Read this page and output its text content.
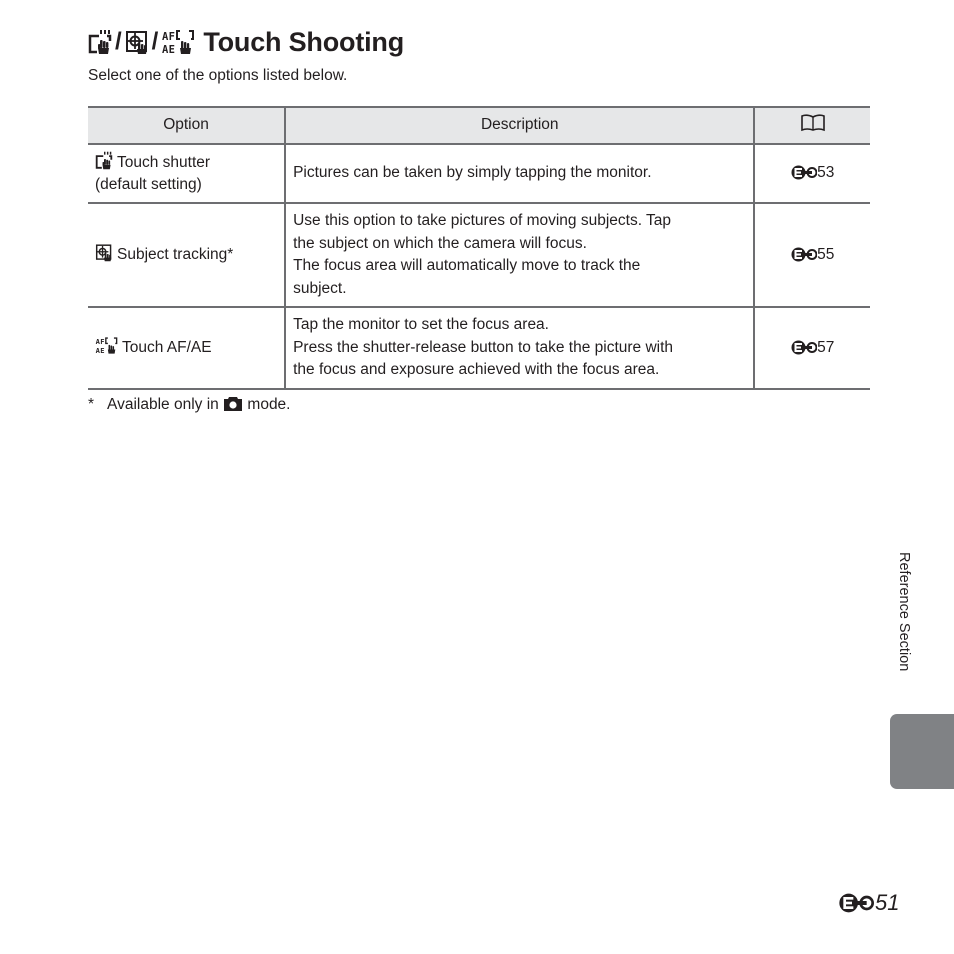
/ / AF
AE Touch Shooting
Select one of the options listed below.
Option	Description	
Touch shutter
(default setting)	Pictures can be taken by simply tapping the monitor.	53
Subject tracking*	Use this option to take pictures of moving subjects. Tap
the subject on which the camera will focus.
The focus area will automatically move to track the
subject.	55

AF
AE Touch AF/AE	Tap the monitor to set the focus area.
Press the shutter-release button to take the picture with
the focus and exposure achieved with the focus area.	57
* Available only in mode.
Reference Section
51
